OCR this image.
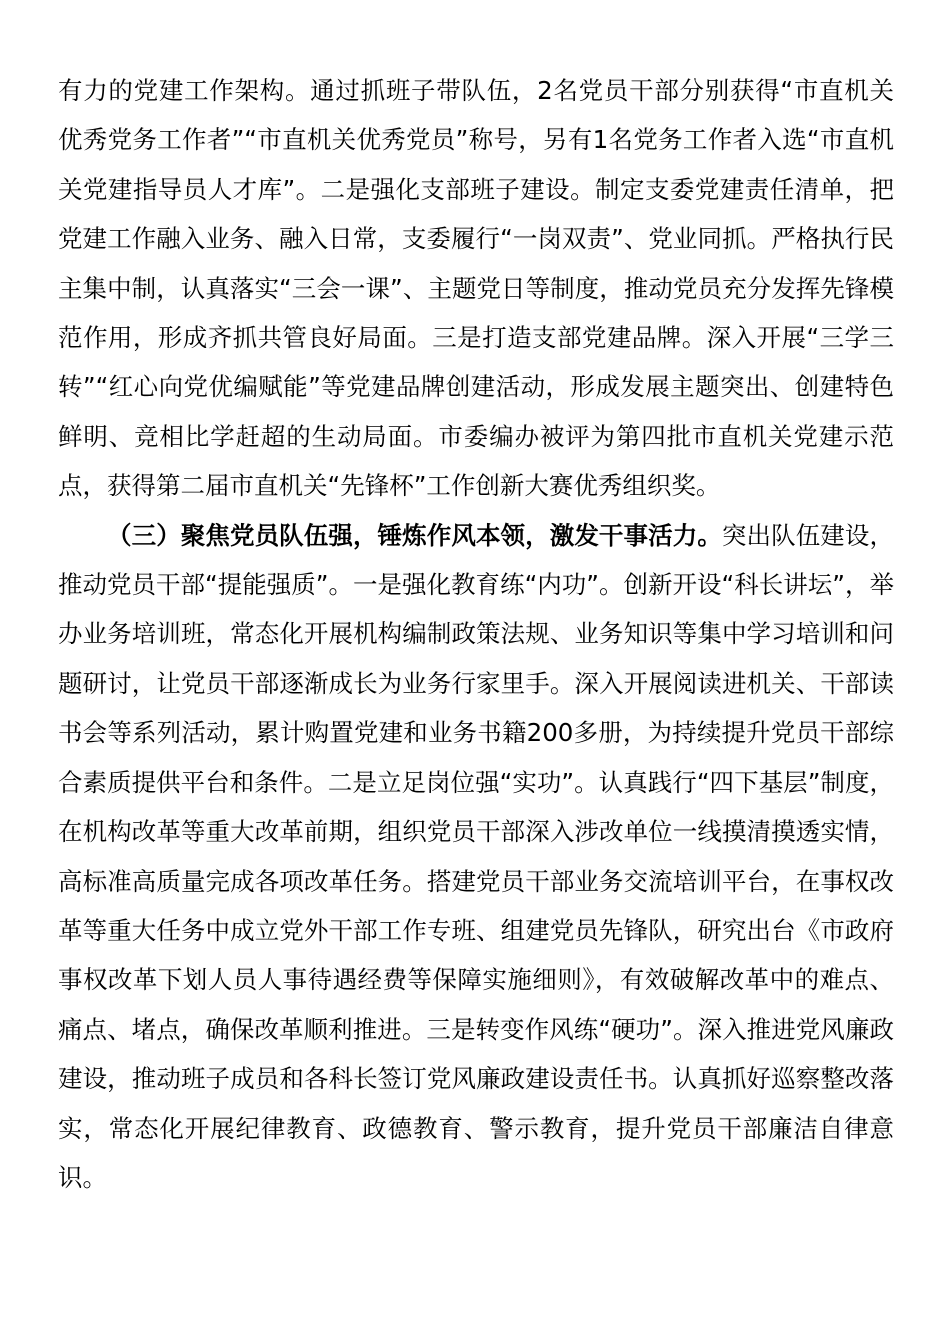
有力的党建工作架构。通过抓班子带队伍，2名党员干部分别获得“市直机关优秀党务工作者”“市直机关优秀党员”称号，另有1名党务工作者入选“市直机关党建指导员人才库”。二是强化支部班子建设。制定支委党建责任清单，把党建工作融入业务、融入日常，支委履行“一岗双责”、党业同抓。严格执行民主集中制，认真落实“三会一课”、主题党日等制度，推动党员充分发挥先锋模范作用，形成齐抓共管良好局面。三是打造支部党建品牌。深入开展“三学三转”“红心向党优编赋能”等党建品牌创建活动，形成发展主题突出、创建特色鲜明、竞相比学赶超的生动局面。市委编办被评为第四批市直机关党建示范点，获得第二届市直机关“先锋杯”工作创新大赛优秀组织奖。

（三）聚焦党员队伍强，锤炼作风本领，激发干事活力。突出队伍建设，推动党员干部“提能强质”。一是强化教育练“内功”。创新开设“科长讲坛”，举办业务培训班，常态化开展机构编制政策法规、业务知识等集中学习培训和问题研讨，让党员干部逐渐成长为业务行家里手。深入开展阅读进机关、干部读书会等系列活动，累计购置党建和业务书籍200多册，为持续提升党员干部综合素质提供平台和条件。二是立足岗位强“实功”。认真践行“四下基层”制度，在机构改革等重大改革前期，组织党员干部深入涉改单位一线摸清摸透实情，高标准高质量完成各项改革任务。搭建党员干部业务交流培训平台，在事权改革等重大任务中成立党外干部工作专班、组建党员先锋队，研究出台《市政府事权改革下划人员人事待遇经费等保障实施细则》，有效破解改革中的难点、痛点、堵点，确保改革顺利推进。三是转变作风练“硬功”。深入推进党风廉政建设，推动班子成员和各科长签订党风廉政建设责任书。认真抓好巡察整改落实，常态化开展纪律教育、政德教育、警示教育，提升党员干部廉洁自律意识。
